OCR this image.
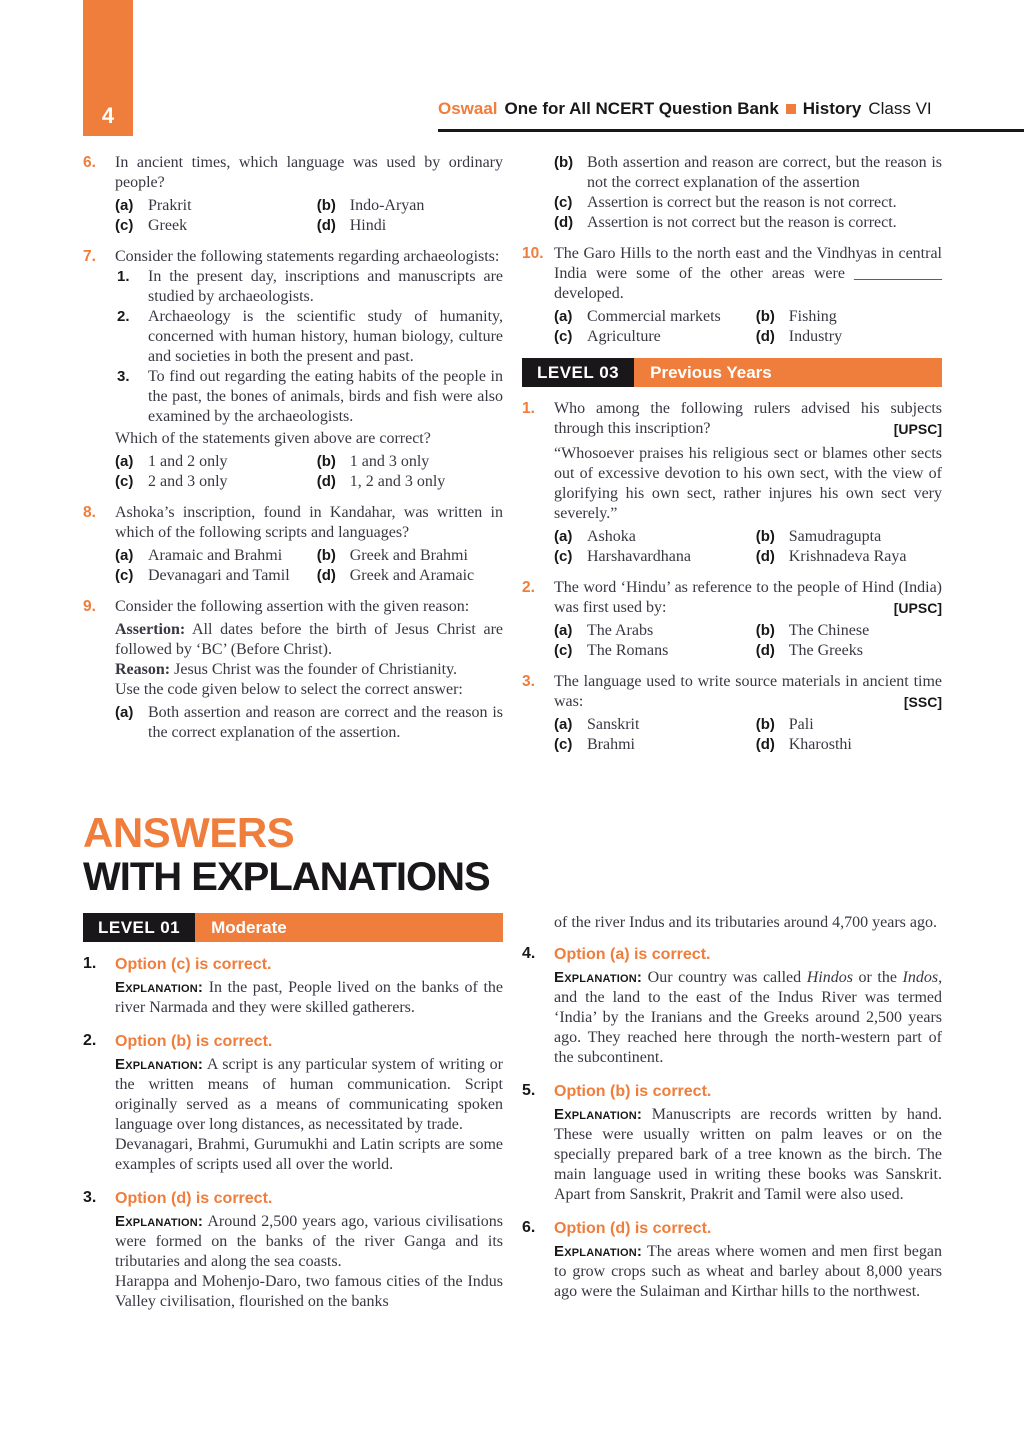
4	Oswaal One for All NCERT Question Bank History Class VI
6.	In ancient times, which language was used by ordinary people?
(a) Prakrit	(b) Indo-Aryan
(c) Greek	(d) Hindi
7.	Consider the following statements regarding archaeologists:
1.	In the present day, inscriptions and manuscripts are studied by archaeologists.
2.	Archaeology is the scientific study of humanity, concerned with human history, human biology, culture and societies in both the present and past.
3.	To find out regarding the eating habits of the people in the past, the bones of animals, birds and fish were also examined by the archaeologists.
Which of the statements given above are correct?
(a) 1 and 2 only	(b) 1 and 3 only
(c) 2 and 3 only	(d) 1, 2 and 3 only
8.	Ashoka’s inscription, found in Kandahar, was written in which of the following scripts and languages?
(a) Aramaic and Brahmi	(b) Greek and Brahmi
(c) Devanagari and Tamil	(d) Greek and Aramaic
9.	Consider the following assertion with the given reason:
Assertion: All dates before the birth of Jesus Christ are followed by ‘BC’ (Before Christ).
Reason: Jesus Christ was the founder of Christianity.
Use the code given below to select the correct answer:
(a) Both assertion and reason are correct and the reason is the correct explanation of the assertion.
(b) Both assertion and reason are correct, but the reason is not the correct explanation of the assertion
(c) Assertion is correct but the reason is not correct.
(d) Assertion is not correct but the reason is correct.
10. The Garo Hills to the north east and the Vindhyas in central India were some of the other areas were ___________ developed.
(a) Commercial markets	(b) Fishing
(c) Agriculture	(d) Industry
LEVEL 03	Previous Years
1.	Who among the following rulers advised his subjects through this inscription?	[UPSC]
“Whosoever praises his religious sect or blames other sects out of excessive devotion to his own sect, with the view of glorifying his own sect, rather injures his own sect very severely.”
(a) Ashoka	(b) Samudragupta
(c) Harshavardhana	(d) Krishnadeva Raya
2.	The word ‘Hindu’ as reference to the people of Hind (India) was first used by:	[UPSC]
(a) The Arabs	(b) The Chinese
(c) The Romans	(d) The Greeks
3.	The language used to write source materials in ancient time was:	[SSC]
(a) Sanskrit	(b) Pali
(c) Brahmi	(d) Kharosthi
ANSWERS
WITH EXPLANATIONS
LEVEL 01	Moderate
1.	Option (c) is correct.
Explanation: In the past, People lived on the banks of the river Narmada and they were skilled gatherers.
2.	Option (b) is correct.
Explanation: A script is any particular system of writing or the written means of human communication. Script originally served as a means of communicating spoken language over long distances, as necessitated by trade.
Devanagari, Brahmi, Gurumukhi and Latin scripts are some examples of scripts used all over the world.
3.	Option (d) is correct.
Explanation: Around 2,500 years ago, various civilisations were formed on the banks of the river Ganga and its tributaries and along the sea coasts.
Harappa and Mohenjo-Daro, two famous cities of the Indus Valley civilisation, flourished on the banks
of the river Indus and its tributaries around 4,700 years ago.
4.	Option (a) is correct.
Explanation: Our country was called Hindos or the Indos, and the land to the east of the Indus River was termed ‘India’ by the Iranians and the Greeks around 2,500 years ago. They reached here through the north-western part of the subcontinent.
5.	Option (b) is correct.
Explanation: Manuscripts are records written by hand. These were usually written on palm leaves or on the specially prepared bark of a tree known as the birch. The main language used in writing these books was Sanskrit. Apart from Sanskrit, Prakrit and Tamil were also used.
6.	Option (d) is correct.
Explanation: The areas where women and men first began to grow crops such as wheat and barley about 8,000 years ago were the Sulaiman and Kirthar hills to the northwest.
